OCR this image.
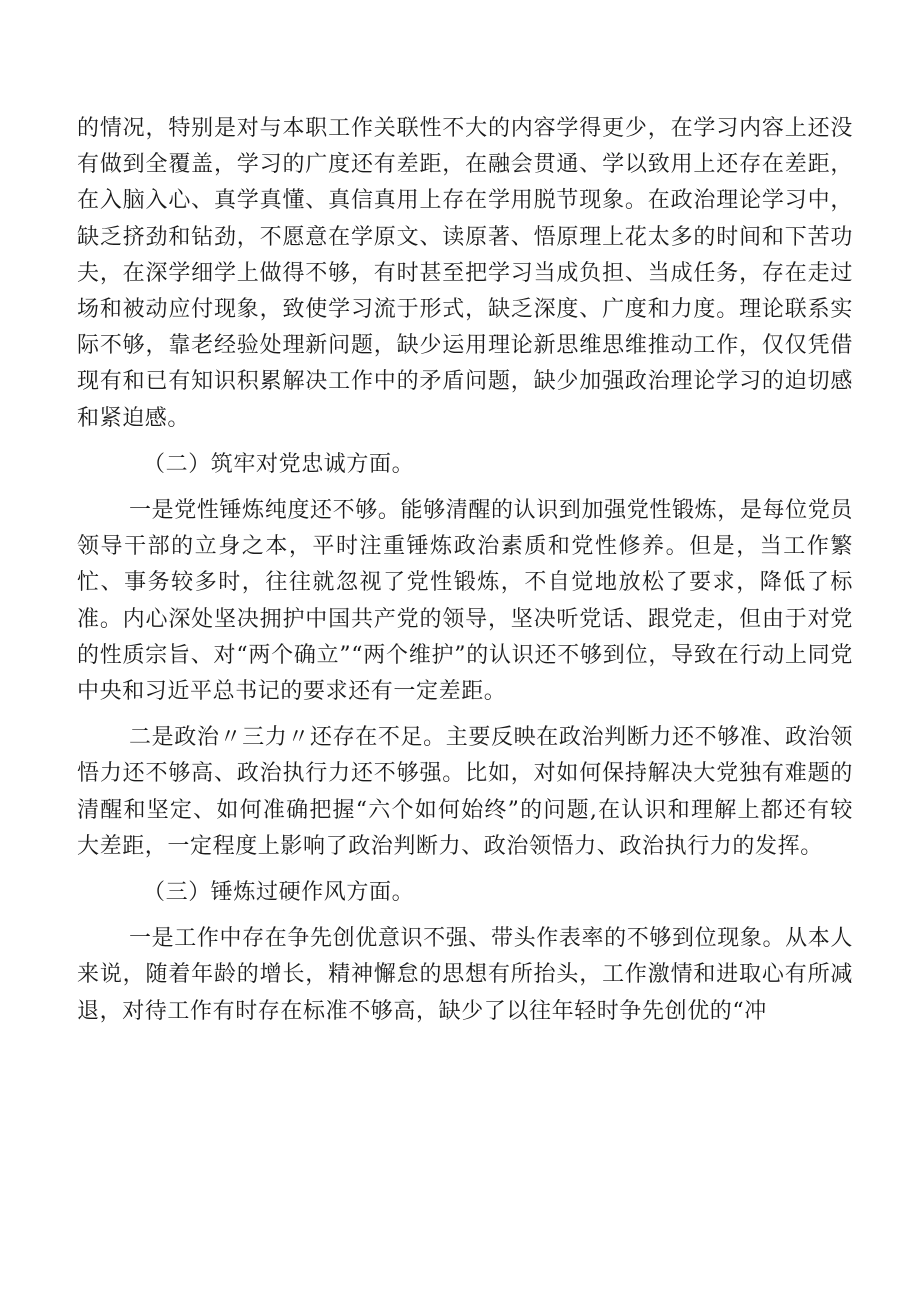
的情况，特别是对与本职工作关联性不大的内容学得更少，在学习内容上还没有做到全覆盖，学习的广度还有差距，在融会贯通、学以致用上还存在差距，在入脑入心、真学真懂、真信真用上存在学用脱节现象。在政治理论学习中，缺乏挤劲和钻劲，不愿意在学原文、读原著、悟原理上花太多的时间和下苦功夫，在深学细学上做得不够，有时甚至把学习当成负担、当成任务，存在走过场和被动应付现象，致使学习流于形式，缺乏深度、广度和力度。理论联系实际不够，靠老经验处理新问题，缺少运用理论新思维思维推动工作，仅仅凭借现有和已有知识积累解决工作中的矛盾问题，缺少加强政治理论学习的迫切感和紧迫感。

（二）筑牢对党忠诚方面。

一是党性锤炼纯度还不够。能够清醒的认识到加强党性锻炼，是每位党员领导干部的立身之本，平时注重锤炼政治素质和党性修养。但是，当工作繁忙、事务较多时，往往就忽视了党性锻炼，不自觉地放松了要求，降低了标准。内心深处坚决拥护中国共产党的领导，坚决听党话、跟党走，但由于对党的性质宗旨、对“两个确立”“两个维护”的认识还不够到位，导致在行动上同党中央和习近平总书记的要求还有一定差距。

二是政治〃三力〃还存在不足。主要反映在政治判断力还不够准、政治领悟力还不够高、政治执行力还不够强。比如，对如何保持解决大党独有难题的清醒和坚定、如何准确把握“六个如何始终”的问题,在认识和理解上都还有较大差距，一定程度上影响了政治判断力、政治领悟力、政治执行力的发挥。

（三）锤炼过硬作风方面。

一是工作中存在争先创优意识不强、带头作表率的不够到位现象。从本人来说，随着年龄的增长，精神懈怠的思想有所抬头，工作激情和进取心有所减退，对待工作有时存在标准不够高，缺少了以往年轻时争先创优的“冲
